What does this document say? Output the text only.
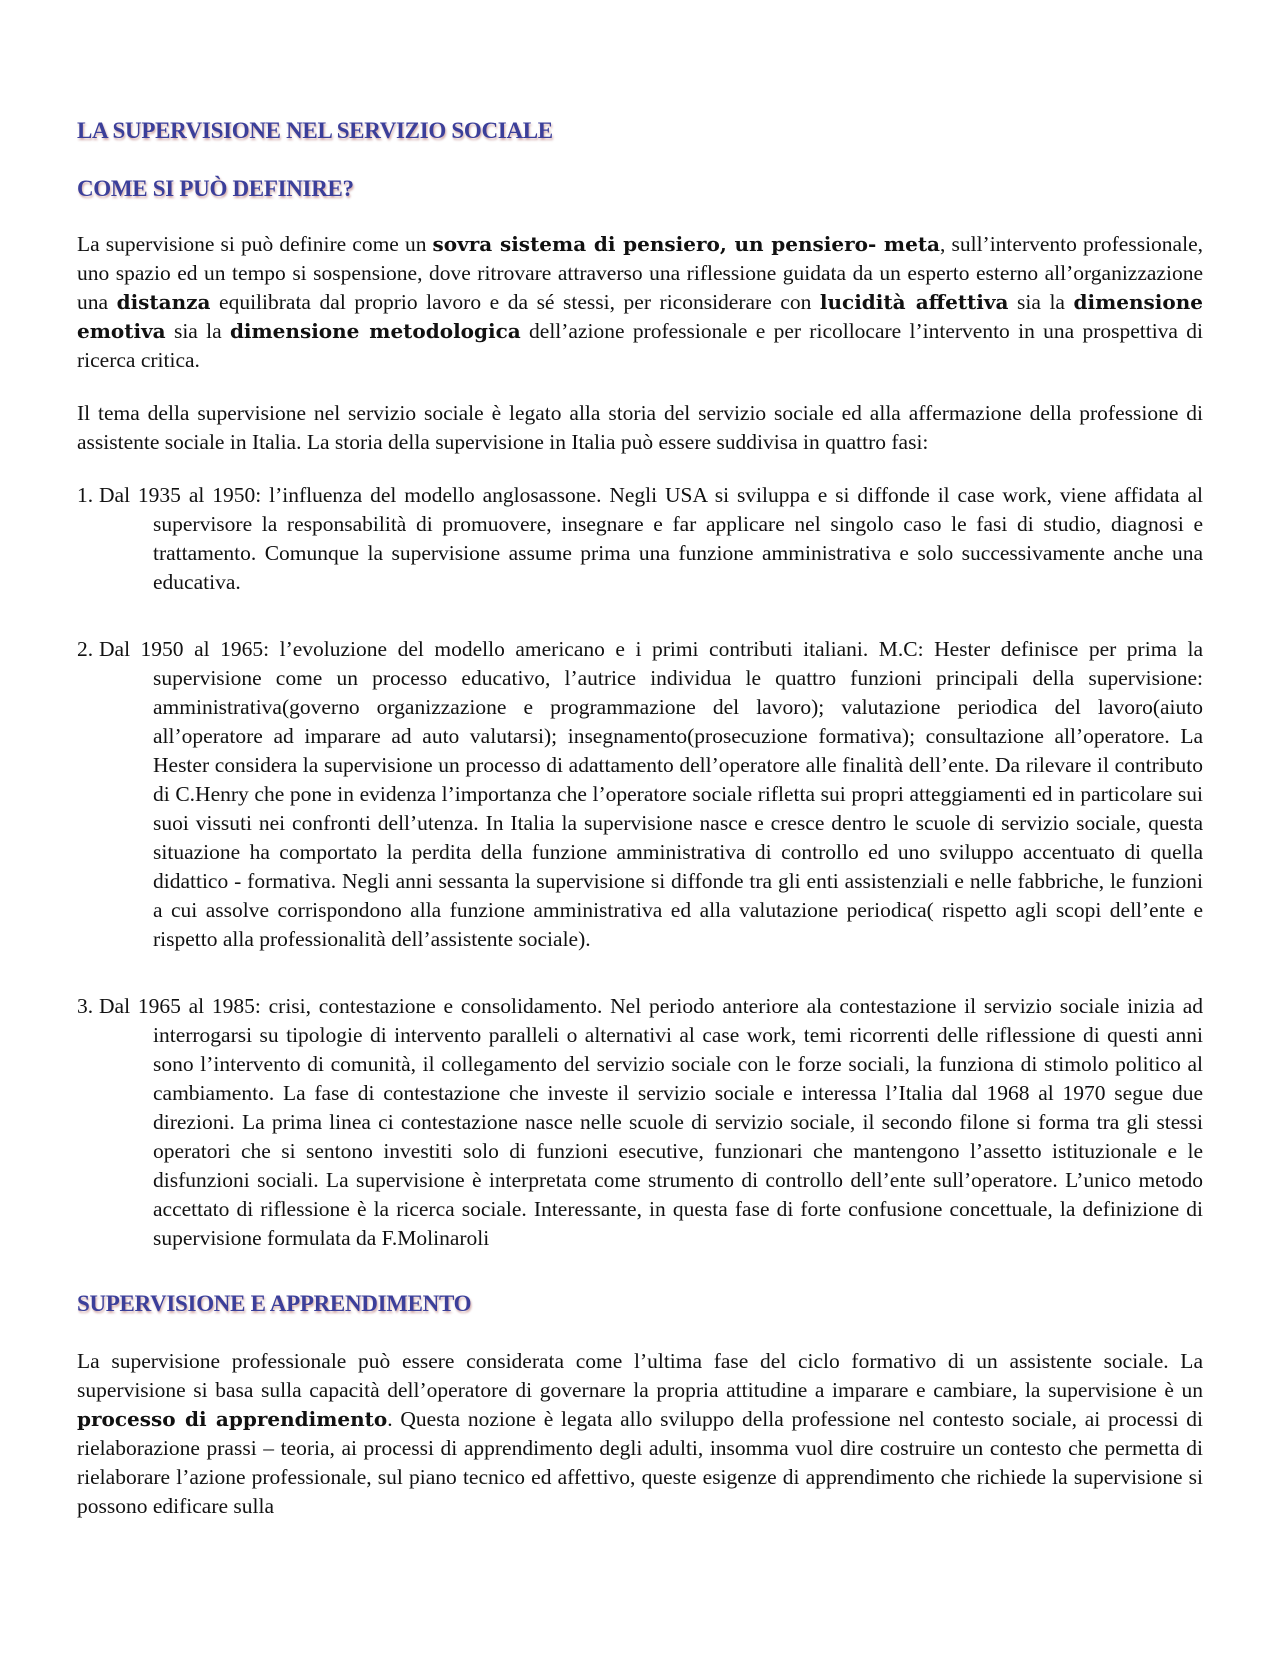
LA SUPERVISIONE NEL SERVIZIO SOCIALE
COME SI PUÒ DEFINIRE?

La supervisione si può definire come un sovra sistema di pensiero, un pensiero- meta, sull’intervento professionale, uno spazio ed un tempo si sospensione, dove ritrovare attraverso una riflessione guidata da un esperto esterno all’organizzazione una distanza equilibrata dal proprio lavoro e da sé stessi, per riconsiderare con lucidità affettiva sia la dimensione emotiva sia la dimensione metodologica dell’azione professionale e per ricollocare l’intervento in una prospettiva di ricerca critica.

Il tema della supervisione nel servizio sociale è legato alla storia del servizio sociale ed alla affermazione della professione di assistente sociale in Italia. La storia della supervisione in Italia può essere suddivisa in quattro fasi:

1. Dal 1935 al 1950: l’influenza del modello anglosassone. Negli USA si sviluppa e si diffonde il case work, viene affidata al supervisore la responsabilità di promuovere, insegnare e far applicare nel singolo caso le fasi di studio, diagnosi e trattamento. Comunque la supervisione assume prima una funzione amministrativa e solo successivamente anche una educativa.
2. Dal 1950 al 1965: l’evoluzione del modello americano e i primi contributi italiani. M.C: Hester definisce per prima la supervisione come un processo educativo, l’autrice individua le quattro funzioni principali della supervisione: amministrativa(governo organizzazione e programmazione del lavoro); valutazione periodica del lavoro(aiuto all’operatore ad imparare ad auto valutarsi); insegnamento(prosecuzione formativa); consultazione all’operatore. La Hester considera la supervisione un processo di adattamento dell’operatore alle finalità dell’ente. Da rilevare il contributo di C.Henry che pone in evidenza l’importanza che l’operatore sociale rifletta sui propri atteggiamenti ed in particolare sui suoi vissuti nei confronti dell’utenza. In Italia la supervisione nasce e cresce dentro le scuole di servizio sociale, questa situazione ha comportato la perdita della funzione amministrativa di controllo ed uno sviluppo accentuato di quella didattico - formativa. Negli anni sessanta la supervisione si diffonde tra gli enti assistenziali e nelle fabbriche, le funzioni a cui assolve corrispondono alla funzione amministrativa ed alla valutazione periodica( rispetto agli scopi dell’ente e rispetto alla professionalità dell’assistente sociale).
3. Dal 1965 al 1985: crisi, contestazione e consolidamento. Nel periodo anteriore ala contestazione il servizio sociale inizia ad interrogarsi su tipologie di intervento paralleli o alternativi al case work, temi ricorrenti delle riflessione di questi anni sono l’intervento di comunità, il collegamento del servizio sociale con le forze sociali, la funziona di stimolo politico al cambiamento. La fase di contestazione che investe il servizio sociale e interessa l’Italia dal 1968 al 1970 segue due direzioni. La prima linea ci contestazione nasce nelle scuole di servizio sociale, il secondo filone si forma tra gli stessi operatori che si sentono investiti solo di funzioni esecutive, funzionari che mantengono l’assetto istituzionale e le disfunzioni sociali. La supervisione è interpretata come strumento di controllo dell’ente sull’operatore. L’unico metodo accettato di riflessione è la ricerca sociale. Interessante, in questa fase di forte confusione concettuale, la definizione di supervisione formulata da F.Molinaroli
SUPERVISIONE E APPRENDIMENTO

La supervisione professionale può essere considerata come l’ultima fase del ciclo formativo di un assistente sociale. La supervisione si basa sulla capacità dell’operatore di governare la propria attitudine a imparare e cambiare, la supervisione è un processo di apprendimento. Questa nozione è legata allo sviluppo della professione nel contesto sociale, ai processi di rielaborazione prassi – teoria, ai processi di apprendimento degli adulti, insomma vuol dire costruire un contesto che permetta di rielaborare l’azione professionale, sul piano tecnico ed affettivo, queste esigenze di apprendimento che richiede la supervisione si possono edificare sulla
